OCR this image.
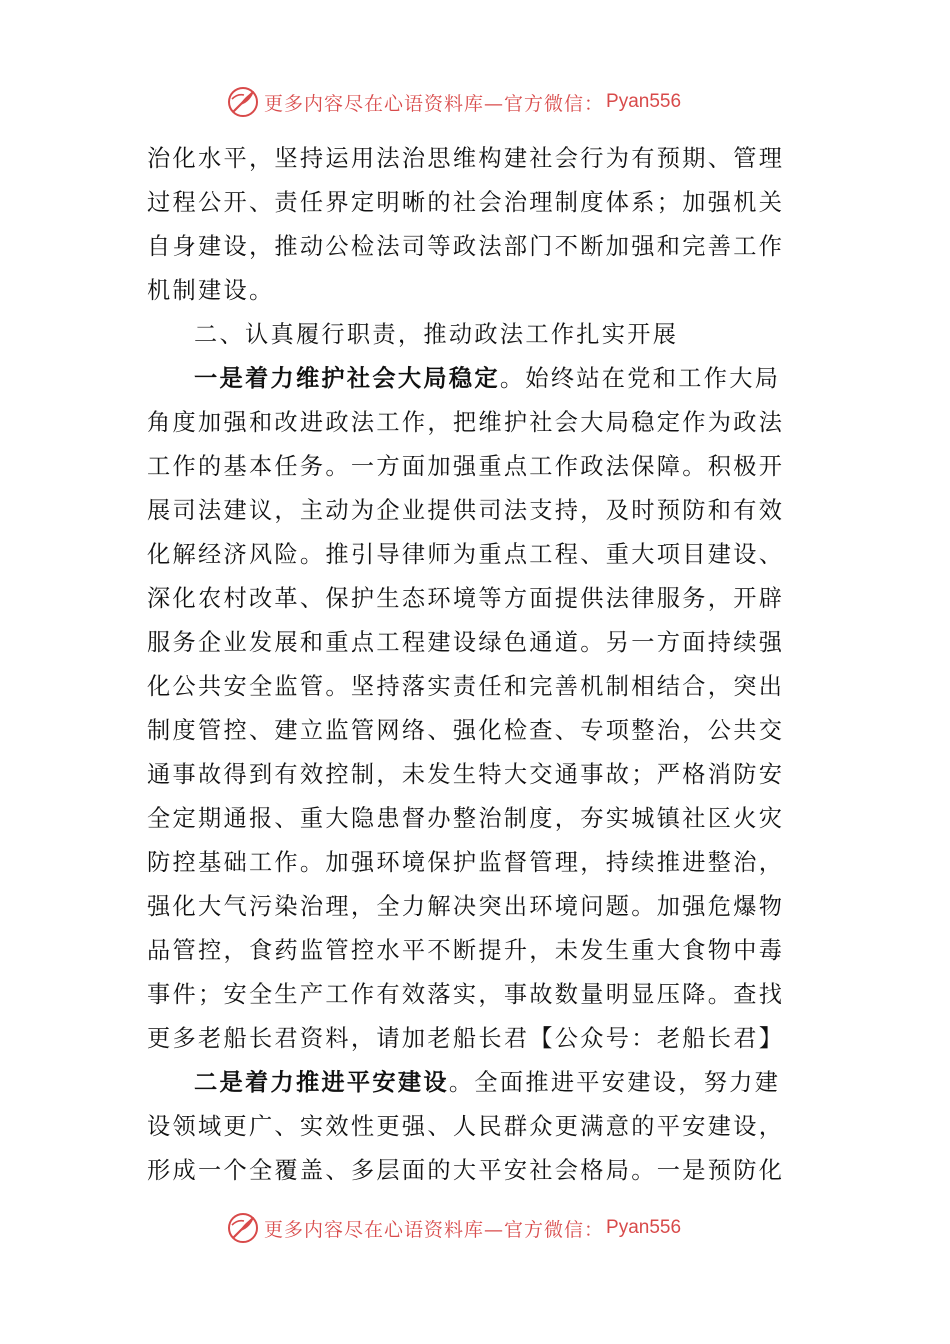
更多内容尽在心语资料库—官方微信： Pyan556
治化水平，坚持运用法治思维构建社会行为有预期、管理
过程公开、责任界定明晰的社会治理制度体系；加强机关
自身建设，推动公检法司等政法部门不断加强和完善工作
机制建设。
二、认真履行职责，推动政法工作扎实开展
一是着力维护社会大局稳定。始终站在党和工作大局
角度加强和改进政法工作，把维护社会大局稳定作为政法
工作的基本任务。一方面加强重点工作政法保障。积极开
展司法建议，主动为企业提供司法支持，及时预防和有效
化解经济风险。推引导律师为重点工程、重大项目建设、
深化农村改革、保护生态环境等方面提供法律服务，开辟
服务企业发展和重点工程建设绿色通道。另一方面持续强
化公共安全监管。坚持落实责任和完善机制相结合，突出
制度管控、建立监管网络、强化检查、专项整治，公共交
通事故得到有效控制，未发生特大交通事故；严格消防安
全定期通报、重大隐患督办整治制度，夯实城镇社区火灾
防控基础工作。加强环境保护监督管理，持续推进整治，
强化大气污染治理，全力解决突出环境问题。加强危爆物
品管控，食药监管控水平不断提升，未发生重大食物中毒
事件；安全生产工作有效落实，事故数量明显压降。查找
更多老船长君资料，请加老船长君【公众号：老船长君】
二是着力推进平安建设。全面推进平安建设，努力建
设领域更广、实效性更强、人民群众更满意的平安建设，
形成一个全覆盖、多层面的大平安社会格局。一是预防化
更多内容尽在心语资料库—官方微信： Pyan556
